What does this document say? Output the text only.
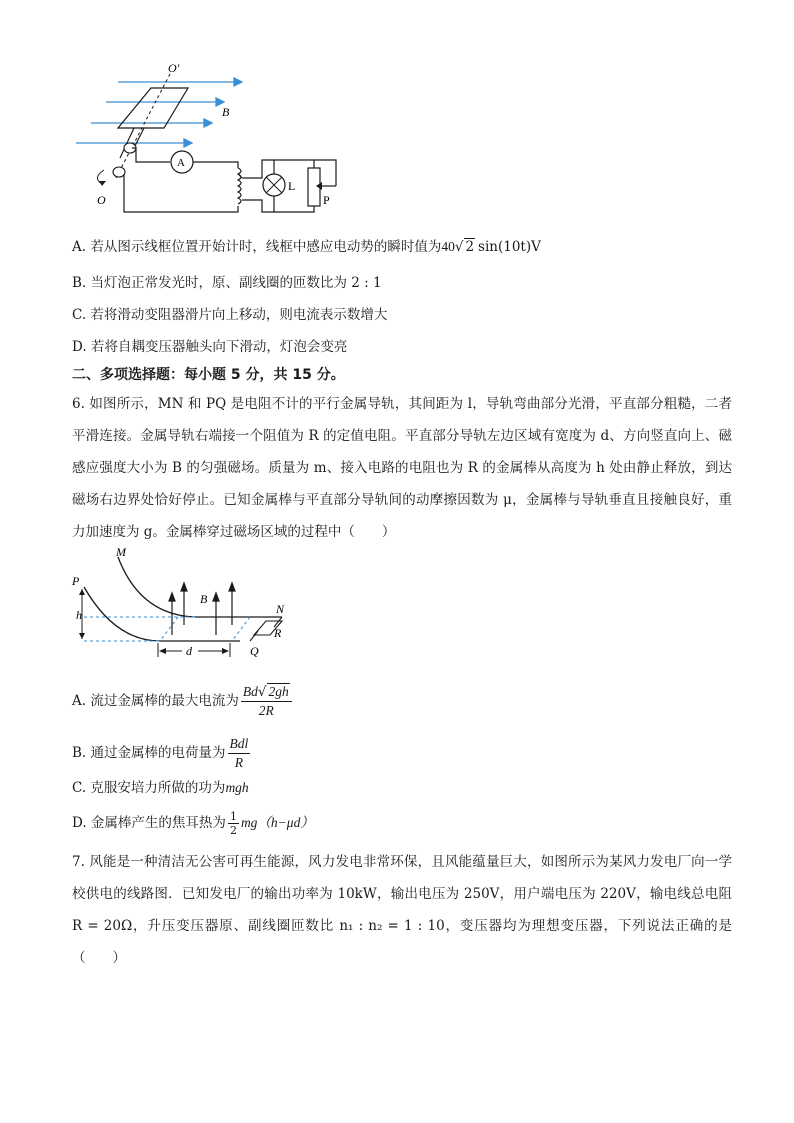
O′
B
O
A
L
P
A. 若从图示线框位置开始计时，线框中感应电动势的瞬时值为40√ 2 sin(10t)V
B. 当灯泡正常发光时，原、副线圈的匝数比为 2 : 1
C. 若将滑动变阻器滑片向上移动，则电流表示数增大
D. 若将自耦变压器触头向下滑动，灯泡会变亮
二、多项选择题：每小题 5 分，共 15 分。
6. 如图所示，MN 和 PQ 是电阻不计的平行金属导轨，其间距为 l，导轨弯曲部分光滑，平直部分粗糙，二者平滑连接。金属导轨右端接一个阻值为 R 的定值电阻。平直部分导轨左边区域有宽度为 d、方向竖直向上、磁感应强度大小为 B 的匀强磁场。质量为 m、接入电路的电阻也为 R 的金属棒从高度为 h 处由静止释放，到达磁场右边界处恰好停止。已知金属棒与平直部分导轨间的动摩擦因数为 μ，金属棒与导轨垂直且接触良好，重力加速度为 g。金属棒穿过磁场区域的过程中（　　）
M
P
h
B
N
R
d	Q
A. 流过金属棒的最大电流为 $\frac{Bd√ 2gh}{2R}$
B. 通过金属棒的电荷量为 $\frac{\text{Bdl}}{R}$
C. 克服安培力所做的功为mgh
D. 金属棒产生的焦耳热为 $\frac{1}{2} mg(h-\mu d)$
7. 风能是一种清洁无公害可再生能源，风力发电非常环保，且风能蕴量巨大，如图所示为某风力发电厂向一学校供电的线路图．已知发电厂的输出功率为 10kW，输出电压为 250V，用户端电压为 220V，输电线总电阻 R = 20Ω，升压变压器原、副线圈匝数比 n₁ : n₂ = 1 : 10，变压器均为理想变压器，下列说法正确的是（　　）
